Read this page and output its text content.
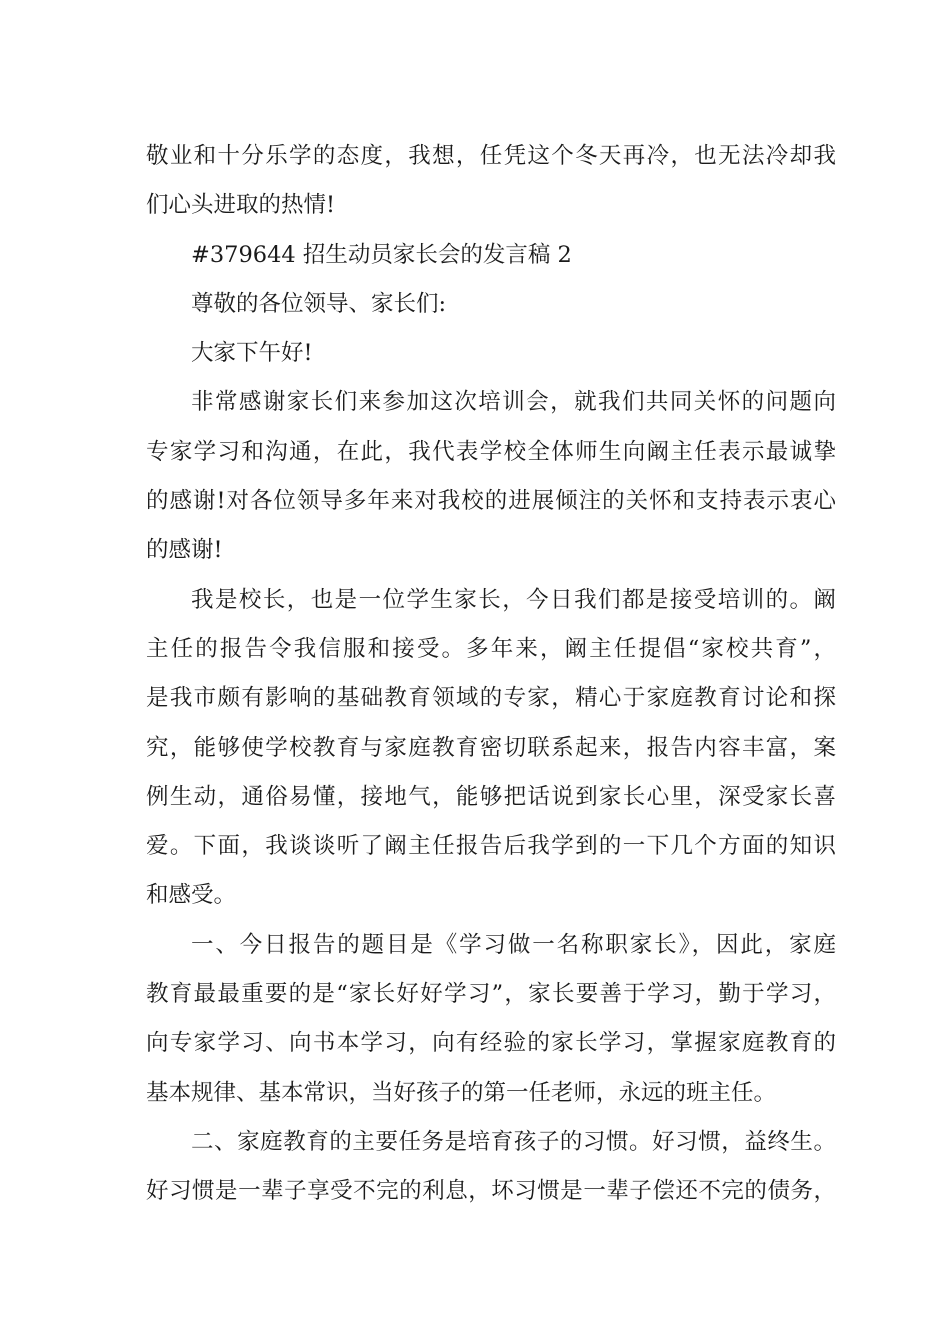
敬业和十分乐学的态度，我想，任凭这个冬天再冷，也无法冷却我
们心头进取的热情!
#379644 招生动员家长会的发言稿 2
尊敬的各位领导、家长们:
大家下午好!
非常感谢家长们来参加这次培训会，就我们共同关怀的问题向
专家学习和沟通，在此，我代表学校全体师生向阚主任表示最诚挚
的感谢!对各位领导多年来对我校的进展倾注的关怀和支持表示衷心
的感谢!
我是校长，也是一位学生家长，今日我们都是接受培训的。阚
主任的报告令我信服和接受。多年来，阚主任提倡“家校共育”，
是我市颇有影响的基础教育领域的专家，精心于家庭教育讨论和探
究，能够使学校教育与家庭教育密切联系起来，报告内容丰富，案
例生动，通俗易懂，接地气，能够把话说到家长心里，深受家长喜
爱。下面，我谈谈听了阚主任报告后我学到的一下几个方面的知识
和感受。
一、今日报告的题目是《学习做一名称职家长》，因此，家庭
教育最最重要的是“家长好好学习”，家长要善于学习，勤于学习，
向专家学习、向书本学习，向有经验的家长学习，掌握家庭教育的
基本规律、基本常识，当好孩子的第一任老师，永远的班主任。
二、家庭教育的主要任务是培育孩子的习惯。好习惯，益终生。
好习惯是一辈子享受不完的利息，坏习惯是一辈子偿还不完的债务，
